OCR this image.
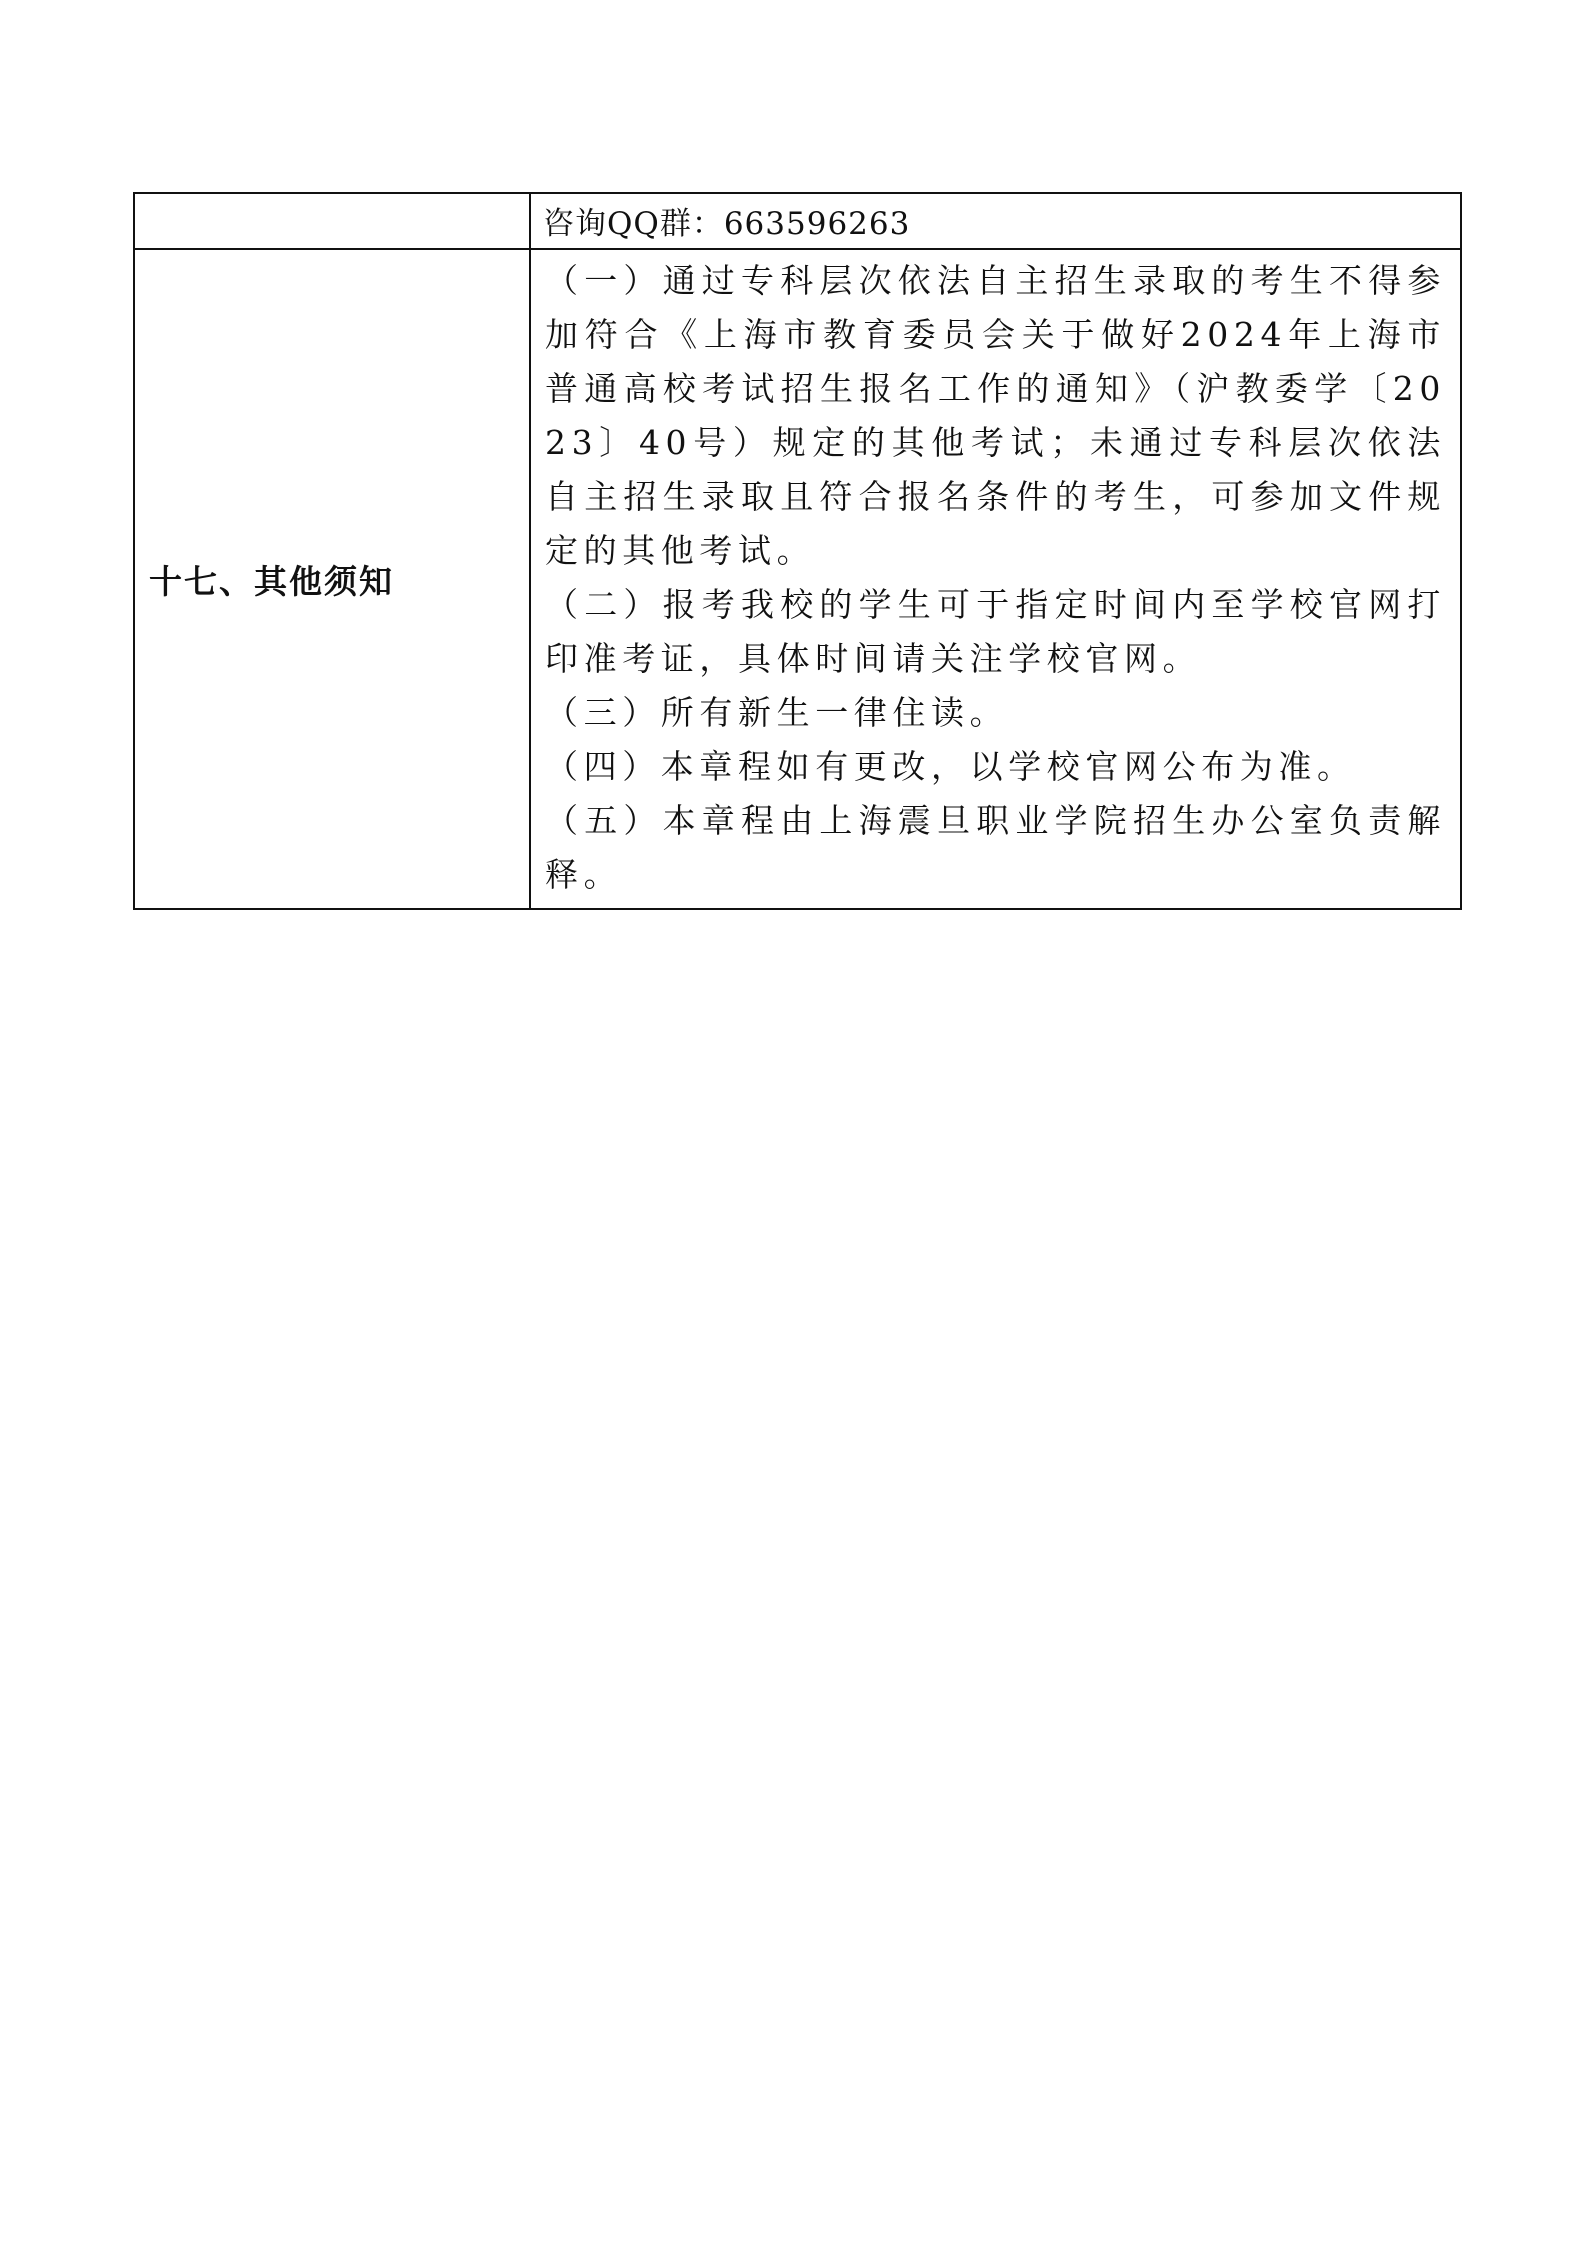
	咨询QQ群：663596263
十七、其他须知	（一）通过专科层次依法自主招生录取的考生不得参加符合《上海市教育委员会关于做好2024年上海市普通高校考试招生报名工作的通知》（沪教委学〔2023〕40号）规定的其他考试；未通过专科层次依法自主招生录取且符合报名条件的考生，可参加文件规定的其他考试。

（二）报考我校的学生可于指定时间内至学校官网打印准考证，具体时间请关注学校官网。

（三）所有新生一律住读。

（四）本章程如有更改，以学校官网公布为准。

（五）本章程由上海震旦职业学院招生办公室负责解释。
